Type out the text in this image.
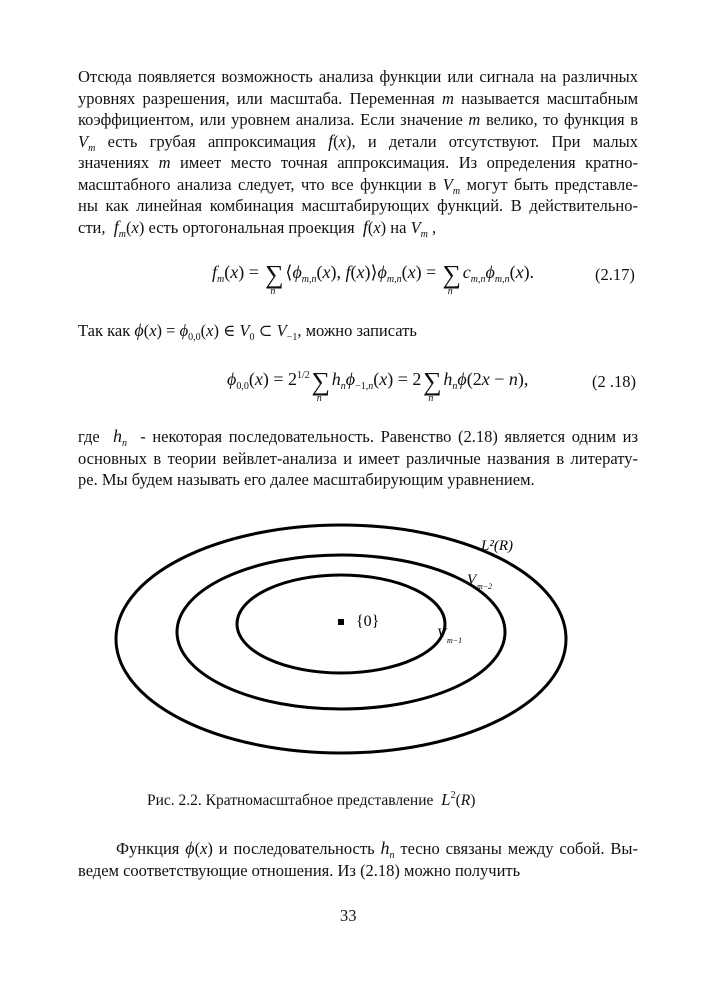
Отсюда появляется возможность анализа функции или сигнала на различных
уровнях разрешения, или масштаба. Переменная m называется масштабным
коэффициентом, или уровнем анализа. Если значение m велико, то функция в
$V_m$ есть грубая аппроксимация f(x), и детали отсутствуют. При малых
значениях m имеет место точная аппроксимация. Из определения кратно-
масштабного анализа следует, что все функции в $V_m$ могут быть представле-
ны как линейная комбинация масштабирующих функций. В действительно-
сти, $f_m(x)$ есть ортогональная проекция f(x) на $V_m$ ,
$f_m(x)$ = ∑
n
$⟨\phi_{m,n}(x)$, $f(x)⟩\phi_{m,n}(x)$ = ∑
n
$c_{m,n}\phi_{m,n}(x)$.	(2.17)
Так как $\phi(x) = \phi_{0,0}(x)$ ∈ $V_0$ ⊂ $V_{-1}$, можно записать
$\phi_{0,0}(x) = 2^{1/2}\sum$
n
$h_n\phi_{-1,n}(x) = 2\sum$
n
$h_n\phi(2x - n)$,	(2 .18)
где $h_n$ - некоторая последовательность. Равенство (2.18) является одним из
основных в теории вейвлет-анализа и имеет различные названия в литерату-
ре. Мы будем называть его далее масштабирующим уравнением.
{0}
L²(R)
V m−2
V m−1
Рис. 2.2. Кратномасштабное представление $L^2(R)$
Функция ϕ(x) и последовательность $h_n$ тесно связаны между собой. Вы-
ведем соответствующие отношения. Из (2.18) можно получить
33
